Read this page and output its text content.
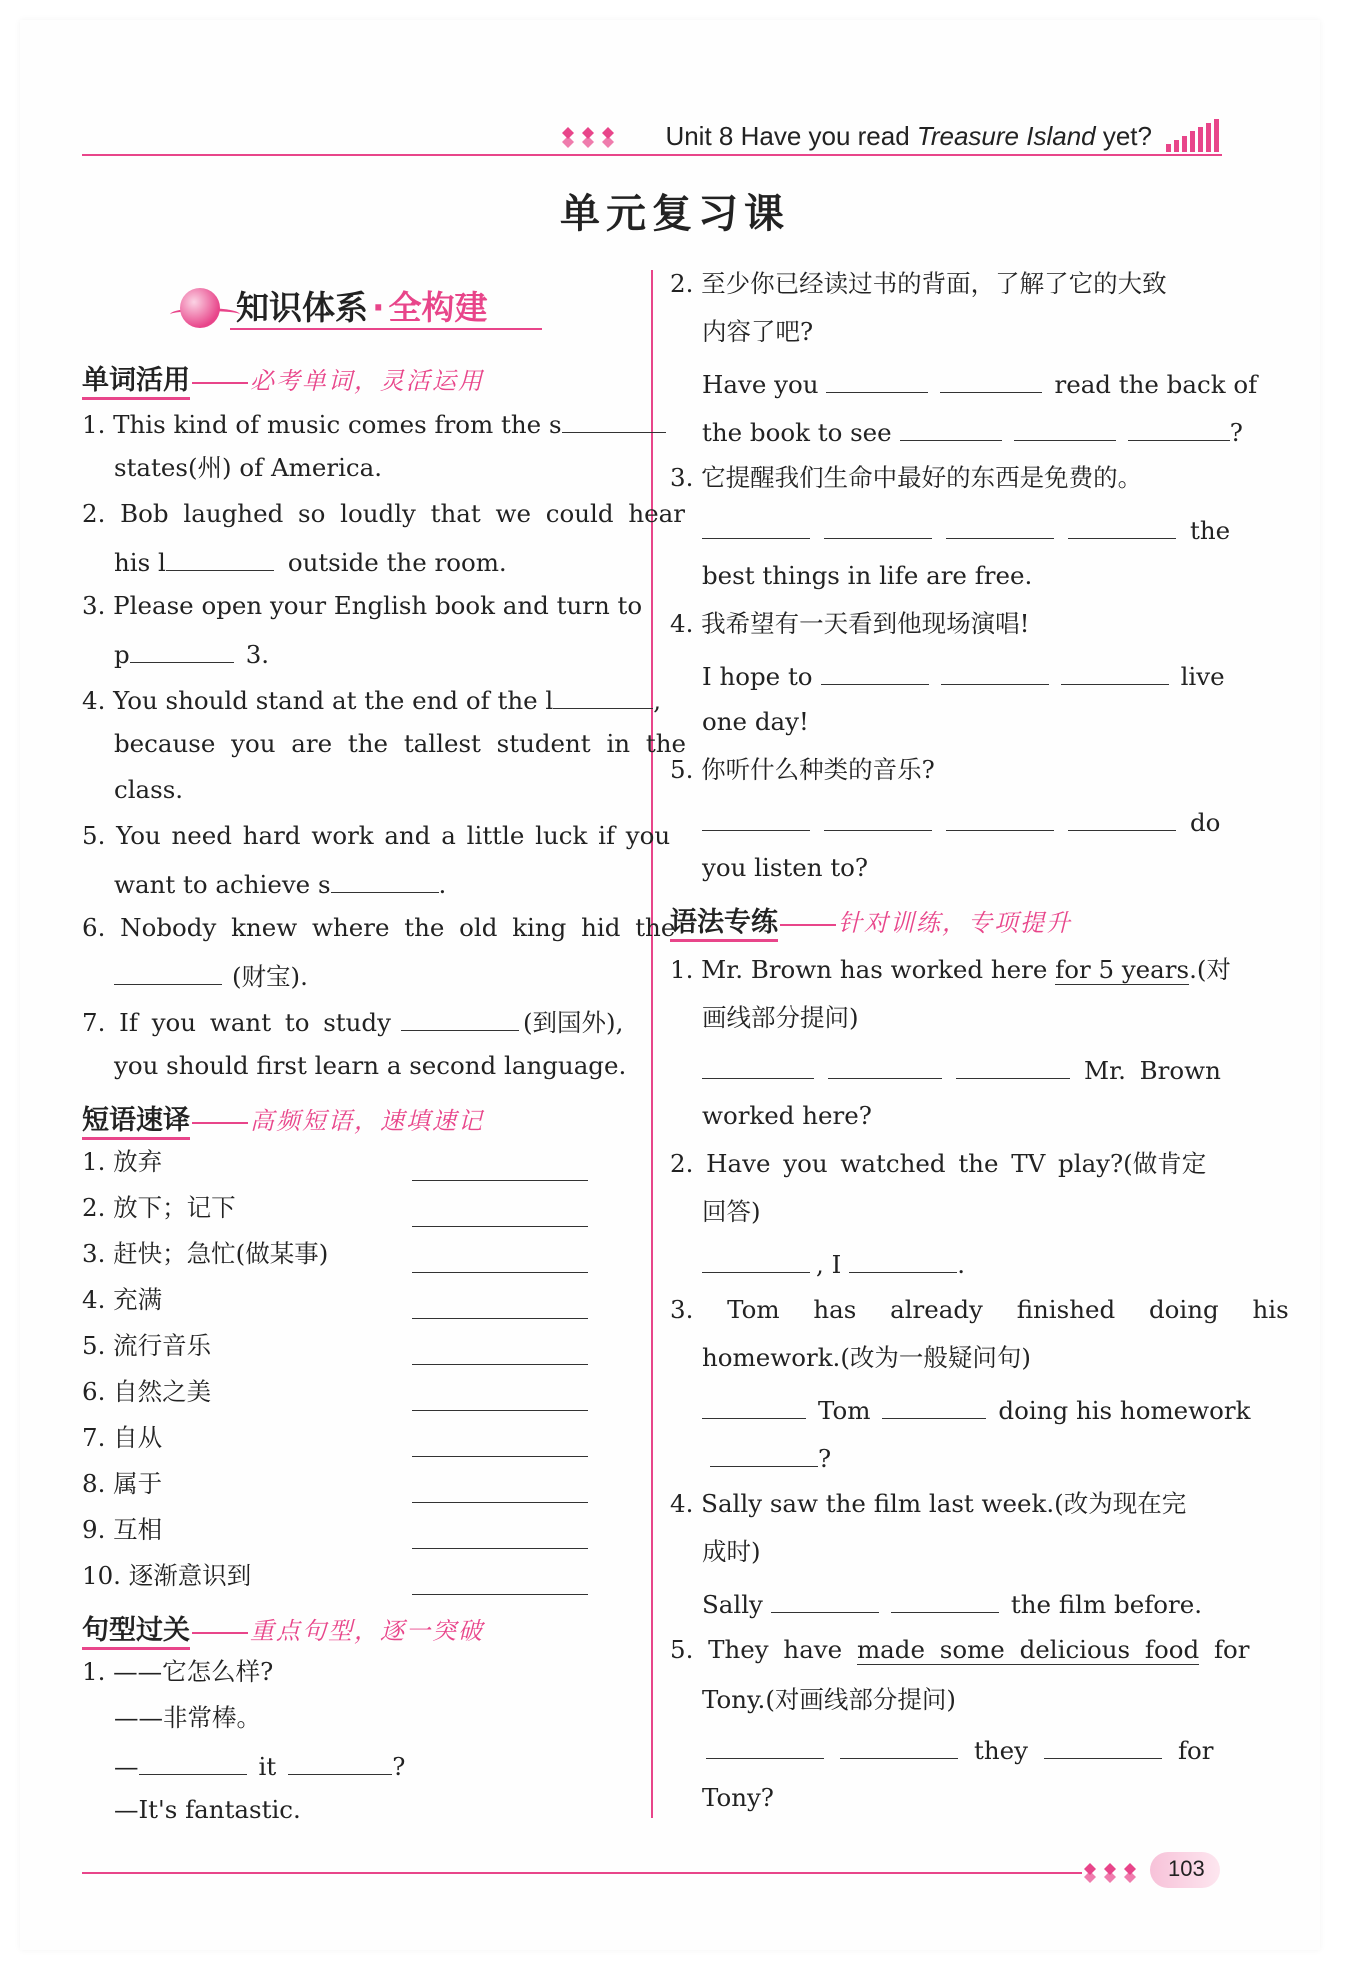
Unit 8 Have you read Treasure Island yet?
单元复习课
知识体系 · 全构建
单词活用	必考单词，灵活运用
1. This kind of music comes from the s
states(州) of America.
2. Bob laughed so loudly that we could hear
his l	outside the room.
3. Please open your English book and turn to
p	3.
4. You should stand at the end of the l	,
because you are the tallest student in the
class.
5. You need hard work and a little luck if you
want to achieve s	.
6. Nobody knew where the old king hid the
(财宝).
7. If you want to study	(到国外),
you should first learn a second language.
短语速译	高频短语，速填速记
1. 放弃
2. 放下；记下
3. 赶快；急忙(做某事)
4. 充满
5. 流行音乐
6. 自然之美
7. 自从
8. 属于
9. 互相
10. 逐渐意识到
句型过关	重点句型，逐一突破
1. ——它怎么样?
——非常棒。
—	it	?
—It's fantastic.
2. 至少你已经读过书的背面，了解了它的大致
内容了吧?
Have you	read the back of
the book to see	?
3. 它提醒我们生命中最好的东西是免费的。
the
best things in life are free.
4. 我希望有一天看到他现场演唱!
I hope to	live
one day!
5. 你听什么种类的音乐?
do
you listen to?
语法专练	针对训练，专项提升
1. Mr. Brown has worked here for 5 years.(对
画线部分提问)
Mr. Brown
worked here?
2. Have you watched the TV play?(做肯定
回答)
, I	.
3. Tom has already finished doing his
homework.(改为一般疑问句)
Tom	doing his homework
?
4. Sally saw the film last week.(改为现在完
成时)
Sally	the film before.
5. They have made some delicious food for
Tony.(对画线部分提问)
they	for
Tony?
103
